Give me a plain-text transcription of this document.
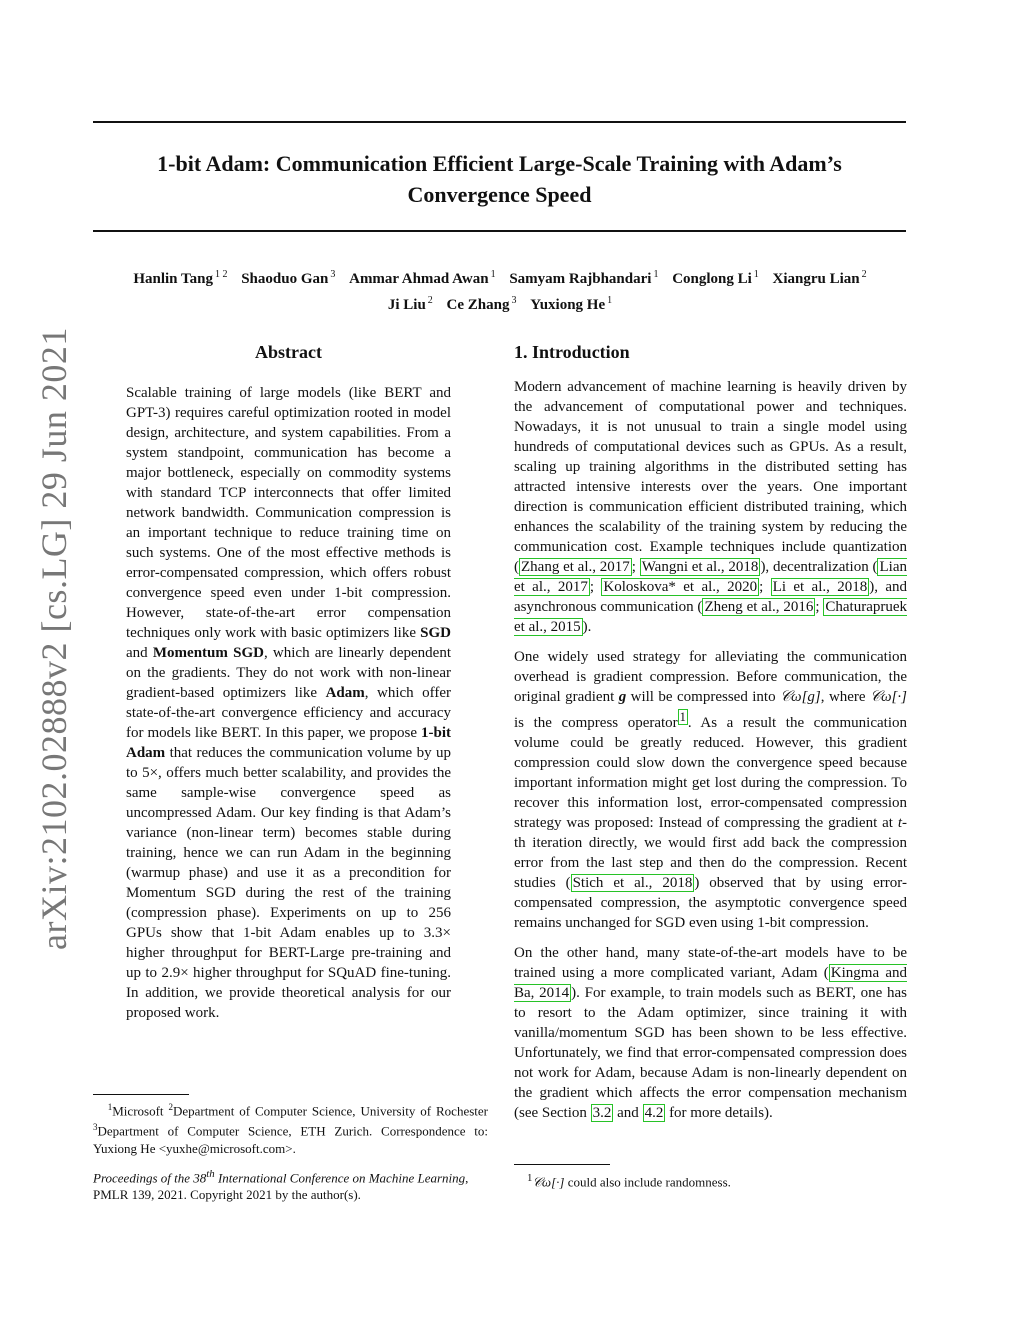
arXiv:2102.02888v2 [cs.LG] 29 Jun 2021
1-bit Adam: Communication Efficient Large-Scale Training with Adam’s
Convergence Speed
Hanlin Tang $^{1 2}$ Shaoduo Gan $^3$ Ammar Ahmad Awan $^1$ Samyam Rajbhandari $^1$ Conglong Li $^1$ Xiangru Lian $^2$
Ji Liu $^2$ Ce Zhang $^3$ Yuxiong He $^1$
Abstract
Scalable training of large models (like BERT and GPT-3) requires careful optimization rooted in model design, architecture, and system capabilities. From a system standpoint, communication has become a major bottleneck, especially on commodity systems with standard TCP interconnects that offer limited network bandwidth. Communication compression is an important technique to reduce training time on such systems. One of the most effective methods is error-compensated compression, which offers robust convergence speed even under 1-bit compression. However, state-of-the-art error compensation techniques only work with basic optimizers like SGD and Momentum SGD, which are linearly dependent on the gradients. They do not work with non-linear gradient-based optimizers like Adam, which offer state-of-the-art convergence efficiency and accuracy for models like BERT. In this paper, we propose 1-bit Adam that reduces the communication volume by up to 5×, offers much better scalability, and provides the same sample-wise convergence speed as uncompressed Adam. Our key finding is that Adam’s variance (non-linear term) becomes stable during training, hence we can run Adam in the beginning (warmup phase) and use it as a precondition for Momentum SGD during the rest of the training (compression phase). Experiments on up to 256 GPUs show that 1-bit Adam enables up to 3.3× higher throughput for BERT-Large pre-training and up to 2.9× higher throughput for SQuAD fine-tuning. In addition, we provide theoretical analysis for our proposed work.
$^1$Microsoft $^2$Department of Computer Science, University of Rochester $^3$Department of Computer Science, ETH Zurich. Correspondence to: Yuxiong He <yuxhe@microsoft.com>.
Proceedings of the 38th International Conference on Machine Learning, PMLR 139, 2021. Copyright 2021 by the author(s).
1. Introduction

Modern advancement of machine learning is heavily driven by the advancement of computational power and techniques. Nowadays, it is not unusual to train a single model using hundreds of computational devices such as GPUs. As a result, scaling up training algorithms in the distributed setting has attracted intensive interests over the years. One important direction is communication efficient distributed training, which enhances the scalability of the training system by reducing the communication cost. Example techniques include quantization ( Zhang et al., 2017 ; Wangni et al., 2018 ), decentralization ( Lian et al., 2017 ; Koloskova* et al., 2020 ; Li et al., 2018 ), and asynchronous communication ( Zheng et al., 2016 ; Chaturapruek et al., 2015 ).

One widely used strategy for alleviating the communication overhead is gradient compression. Before communication, the original gradient g will be compressed into 𝒞ω[g], where 𝒞ω[·] is the compress operator $^1$ . As a result the communication volume could be greatly reduced. However, this gradient compression could slow down the convergence speed because important information might get lost during the compression. To recover this information lost, error-compensated compression strategy was proposed: Instead of compressing the gradient at t-th iteration directly, we would first add back the compression error from the last step and then do the compression. Recent studies ( Stich et al., 2018 ) observed that by using error-compensated compression, the asymptotic convergence speed remains unchanged for SGD even using 1-bit compression.

On the other hand, many state-of-the-art models have to be trained using a more complicated variant, Adam ( Kingma and Ba, 2014 ). For example, to train models such as BERT, one has to resort to the Adam optimizer, since training it with vanilla/momentum SGD has been shown to be less effective. Unfortunately, we find that error-compensated compression does not work for Adam, because Adam is non-linearly dependent on the gradient which affects the error compensation mechanism (see Section 3.2 and 4.2 for more details).

$^1$𝒞ω[·] could also include randomness.
